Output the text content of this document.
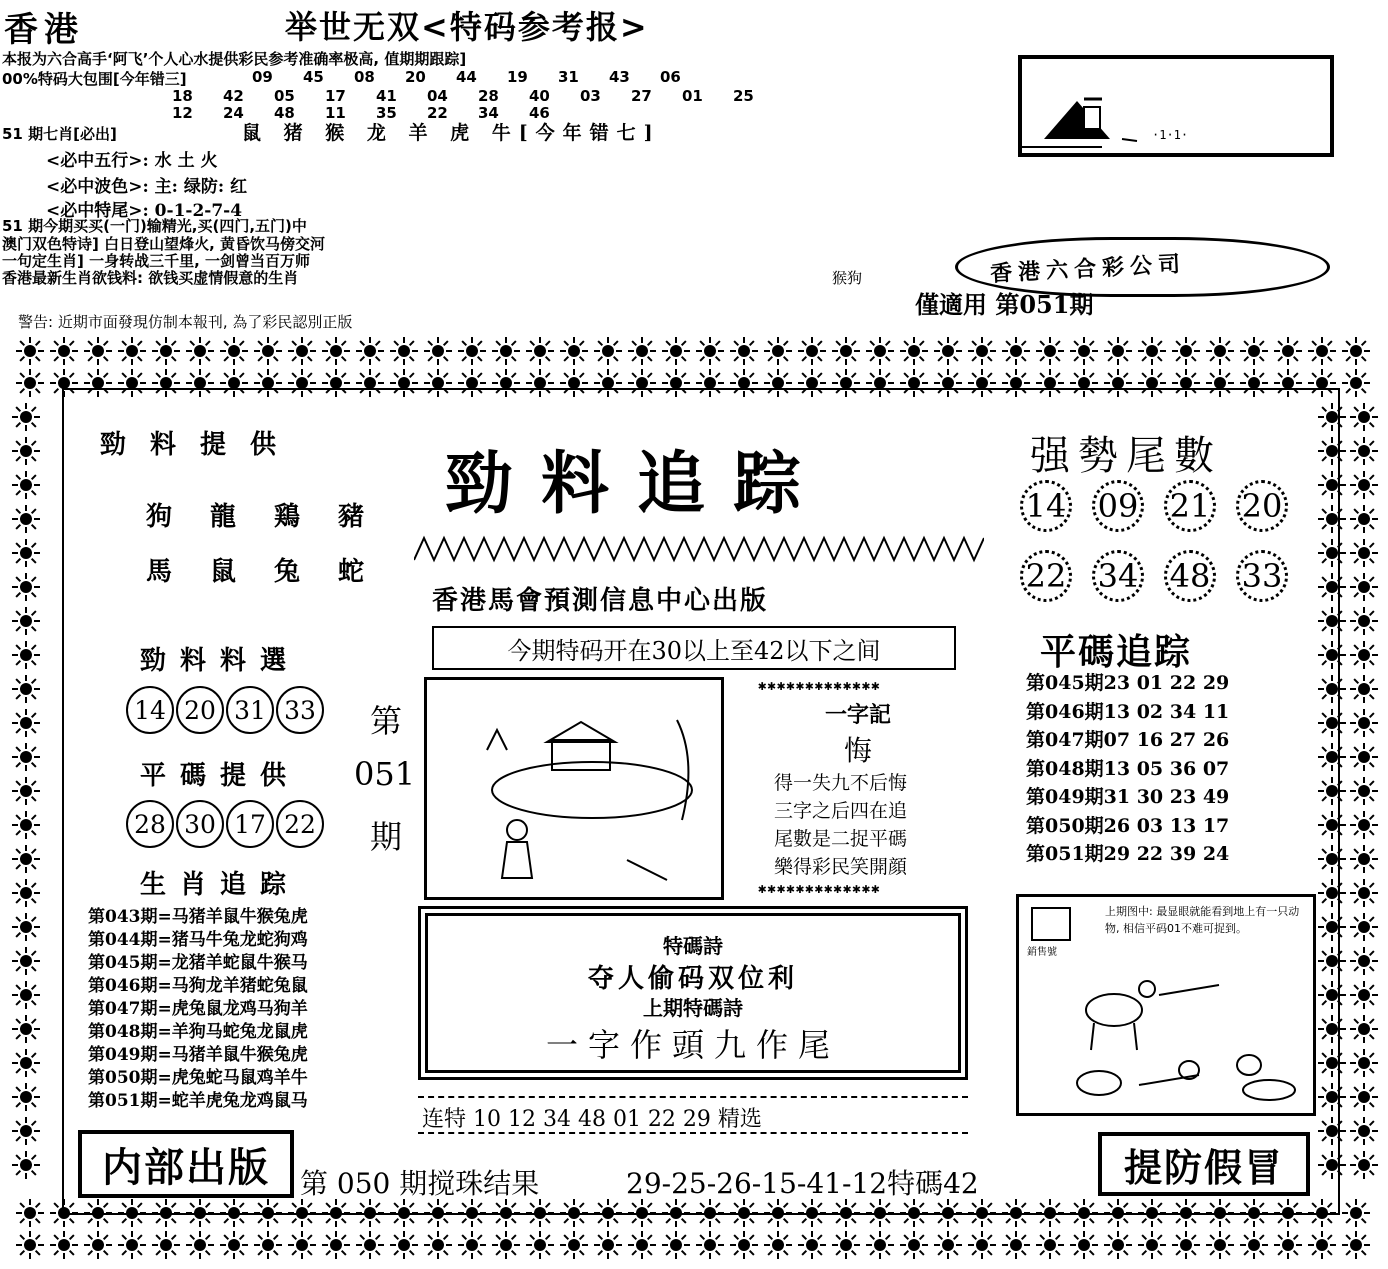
香港	举世无双<特码参考报>
本报为六合高手‘阿飞’个人心水提供彩民参考准确率极高, 值期期跟踪]
00%特码大包围[今年错三]	09	45	08	20	44	19	31	43	06
18	42	05	17	41	04	28	40	03	27	01	25
12	24	48	11	35	22	34	46
51 期七肖[必出]	鼠 猪 猴 龙 羊 虎 牛[今年错七]
<必中五行>: 水 土 火
<必中波色>: 主: 绿防: 红
<必中特尾>: 0-1-2-7-4
51 期今期买买(一门)输精光,买(四门,五门)中
澳门双色特诗] 白日登山望烽火, 黄昏饮马傍交河
一句定生肖] 一身转战三千里, 一剑曾当百万师
香港最新生肖欲钱料: 欲钱买虚情假意的生肖	猴狗
·1·1·
香港六合彩公司
僅適用 第051期
警告: 近期市面發現仿制本報刊, 為了彩民認別正版
勁料提供
狗 龍 鶏 豬
馬 鼠 兔 蛇
勁料料選
14 20 31 33
平碼提供
28 30 17 22
第
051
期
生肖追踪
第043期=马猪羊鼠牛猴兔虎
第044期=猪马牛兔龙蛇狗鸡
第045期=龙猪羊蛇鼠牛猴马
第046期=马狗龙羊猪蛇兔鼠
第047期=虎兔鼠龙鸡马狗羊
第048期=羊狗马蛇兔龙鼠虎
第049期=马猪羊鼠牛猴兔虎
第050期=虎兔蛇马鼠鸡羊牛
第051期=蛇羊虎兔龙鸡鼠马
内部出版
勁料追踪
香港馬會預測信息中心出版
今期特码开在30以上至42以下之间
✱✱✱✱✱✱✱✱✱✱✱✱✱
一字記
悔
得一失九不后悔
三字之后四在追
尾數是二捉平碼
樂得彩民笑開顔
✱✱✱✱✱✱✱✱✱✱✱✱✱
特碼詩
夺人偷码双位利
上期特碼詩
一字作頭九作尾
连特 10 12 34 48 01 22 29 精选
强勢尾數
14 09 21 20
22 34 48 33
平碼追踪
第045期23 01 22 29
第046期13 02 34 11
第047期07 16 27 26
第048期13 05 36 07
第049期31 30 23 49
第050期26 03 13 17
第051期29 22 39 24
銷售號
上期图中: 最显眼就能看到地上有一只动物, 相信平码01不难可捉到。
提防假冒
第 050 期搅珠结果	29-25-26-15-41-12特碼42
